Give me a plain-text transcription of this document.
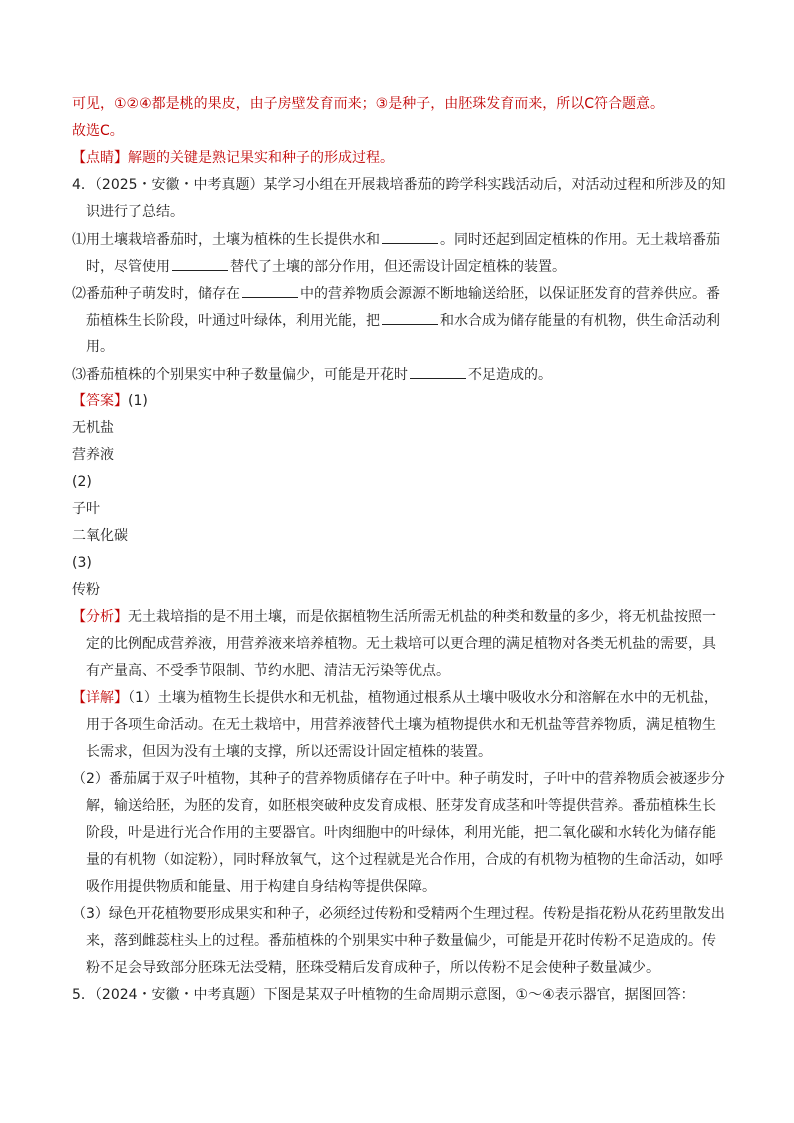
可见，①②④都是桃的果皮，由子房壁发育而来；③是种子，由胚珠发育而来，所以C符合题意。
故选C。
【点睛】解题的关键是熟记果实和种子的形成过程。
4．（2025・安徽・中考真题）某学习小组在开展栽培番茄的跨学科实践活动后，对活动过程和所涉及的知
识进行了总结。
⑴用土壤栽培番茄时，土壤为植株的生长提供水和	。同时还起到固定植株的作用。无土栽培番茄
时，尽管使用	替代了土壤的部分作用，但还需设计固定植株的装置。
⑵番茄种子萌发时，储存在	中的营养物质会源源不断地输送给胚，以保证胚发育的营养供应。番
茄植株生长阶段，叶通过叶绿体，利用光能，把	和水合成为储存能量的有机物，供生命活动利
用。
⑶番茄植株的个别果实中种子数量偏少，可能是开花时	不足造成的。
【答案】(1)
无机盐
营养液
(2)
子叶
二氧化碳
(3)
传粉
【分析】无土栽培指的是不用土壤，而是依据植物生活所需无机盐的种类和数量的多少，将无机盐按照一
定的比例配成营养液，用营养液来培养植物。无土栽培可以更合理的满足植物对各类无机盐的需要，具
有产量高、不受季节限制、节约水肥、清洁无污染等优点。
【详解】（1）土壤为植物生长提供水和无机盐，植物通过根系从土壤中吸收水分和溶解在水中的无机盐，
用于各项生命活动。在无土栽培中，用营养液替代土壤为植物提供水和无机盐等营养物质，满足植物生
长需求，但因为没有土壤的支撑，所以还需设计固定植株的装置。
（2）番茄属于双子叶植物，其种子的营养物质储存在子叶中。种子萌发时，子叶中的营养物质会被逐步分
解，输送给胚，为胚的发育，如胚根突破种皮发育成根、胚芽发育成茎和叶等提供营养。番茄植株生长
阶段，叶是进行光合作用的主要器官。叶肉细胞中的叶绿体，利用光能，把二氧化碳和水转化为储存能
量的有机物（如淀粉），同时释放氧气，这个过程就是光合作用，合成的有机物为植物的生命活动，如呼
吸作用提供物质和能量、用于构建自身结构等提供保障。
（3）绿色开花植物要形成果实和种子，必须经过传粉和受精两个生理过程。传粉是指花粉从花药里散发出
来，落到雌蕊柱头上的过程。番茄植株的个别果实中种子数量偏少，可能是开花时传粉不足造成的。传
粉不足会导致部分胚珠无法受精，胚珠受精后发育成种子，所以传粉不足会使种子数量减少。
5．（2024・安徽・中考真题）下图是某双子叶植物的生命周期示意图，①～④表示器官，据图回答：
